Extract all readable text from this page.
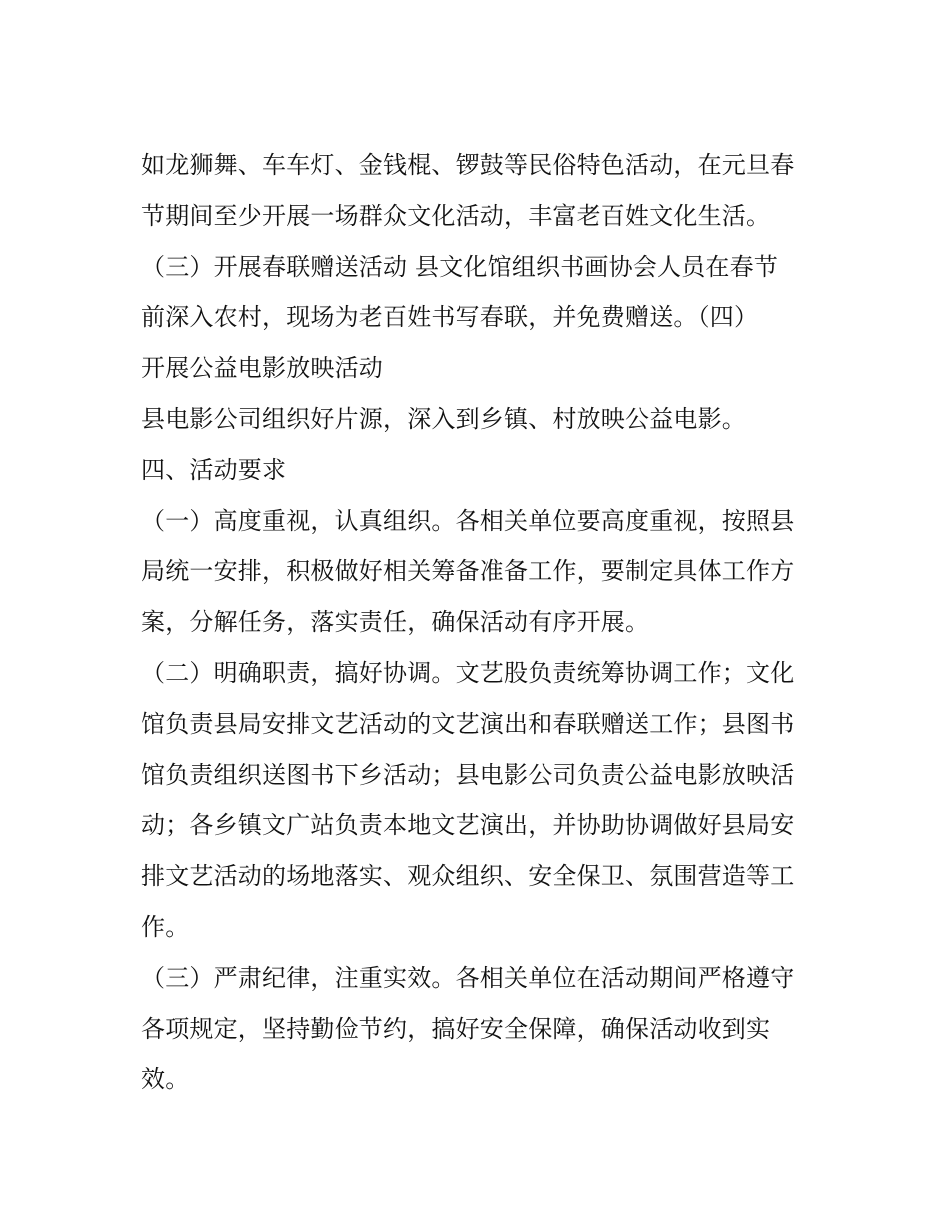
如龙狮舞、车车灯、金钱棍、锣鼓等民俗特色活动，在元旦春
节期间至少开展一场群众文化活动，丰富老百姓文化生活。
（三）开展春联赠送活动 县文化馆组织书画协会人员在春节
前深入农村，现场为老百姓书写春联，并免费赠送。（四）
开展公益电影放映活动
县电影公司组织好片源，深入到乡镇、村放映公益电影。
四、活动要求
（一）高度重视，认真组织。各相关单位要高度重视，按照县
局统一安排，积极做好相关筹备准备工作，要制定具体工作方
案，分解任务，落实责任，确保活动有序开展。
（二）明确职责，搞好协调。文艺股负责统筹协调工作；文化
馆负责县局安排文艺活动的文艺演出和春联赠送工作；县图书
馆负责组织送图书下乡活动；县电影公司负责公益电影放映活
动；各乡镇文广站负责本地文艺演出，并协助协调做好县局安
排文艺活动的场地落实、观众组织、安全保卫、氛围营造等工
作。
（三）严肃纪律，注重实效。各相关单位在活动期间严格遵守
各项规定，坚持勤俭节约，搞好安全保障，确保活动收到实
效。
